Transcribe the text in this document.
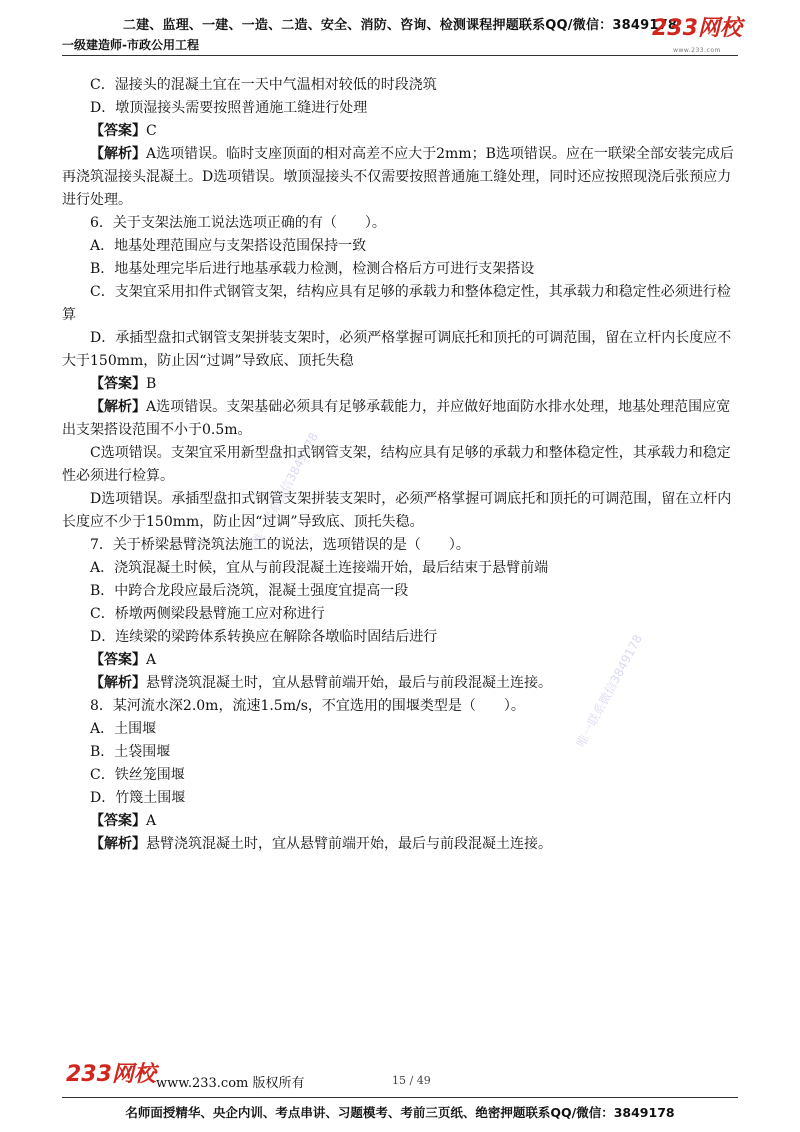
二建、监理、一建、一造、二造、安全、消防、咨询、检测课程押题联系QQ/微信：3849178
一级建造师-市政公用工程
233网校
www.233.com
唯一联系微信3849178
唯一联系微信3849178

C．湿接头的混凝土宜在一天中气温相对较低的时段浇筑

D．墩顶湿接头需要按照普通施工缝进行处理

【答案】C

【解析】A选项错误。临时支座顶面的相对高差不应大于2mm；B选项错误。应在一联梁全部安装完成后再浇筑湿接头混凝土。D选项错误。墩顶湿接头不仅需要按照普通施工缝处理，同时还应按照现浇后张预应力进行处理。

6．关于支架法施工说法选项正确的有（　　）。

A．地基处理范围应与支架搭设范围保持一致

B．地基处理完毕后进行地基承载力检测，检测合格后方可进行支架搭设

C．支架宜采用扣件式钢管支架，结构应具有足够的承载力和整体稳定性，其承载力和稳定性必须进行检算

D．承插型盘扣式钢管支架拼装支架时，必须严格掌握可调底托和顶托的可调范围，留在立杆内长度应不大于150mm，防止因“过调”导致底、顶托失稳

【答案】B

【解析】A选项错误。支架基础必须具有足够承载能力，并应做好地面防水排水处理，地基处理范围应宽出支架搭设范围不小于0.5m。

C选项错误。支架宜采用新型盘扣式钢管支架，结构应具有足够的承载力和整体稳定性，其承载力和稳定性必须进行检算。

D选项错误。承插型盘扣式钢管支架拼装支架时，必须严格掌握可调底托和顶托的可调范围，留在立杆内长度应不少于150mm，防止因“过调”导致底、顶托失稳。

7．关于桥梁悬臂浇筑法施工的说法，选项错误的是（　　）。

A．浇筑混凝土时候，宜从与前段混凝土连接端开始，最后结束于悬臂前端

B．中跨合龙段应最后浇筑，混凝土强度宜提高一段

C．桥墩两侧梁段悬臂施工应对称进行

D．连续梁的梁跨体系转换应在解除各墩临时固结后进行

【答案】A

【解析】悬臂浇筑混凝土时，宜从悬臂前端开始，最后与前段混凝土连接。

8．某河流水深2.0m，流速1.5m/s，不宜选用的围堰类型是（　　）。

A．土围堰

B．土袋围堰

C．铁丝笼围堰

D．竹篾土围堰

【答案】A

【解析】悬臂浇筑混凝土时，宜从悬臂前端开始，最后与前段混凝土连接。

233网校 www.233.com 版权所有	15 / 49
名师面授精华、央企内训、考点串讲、习题模考、考前三页纸、绝密押题联系QQ/微信：3849178
